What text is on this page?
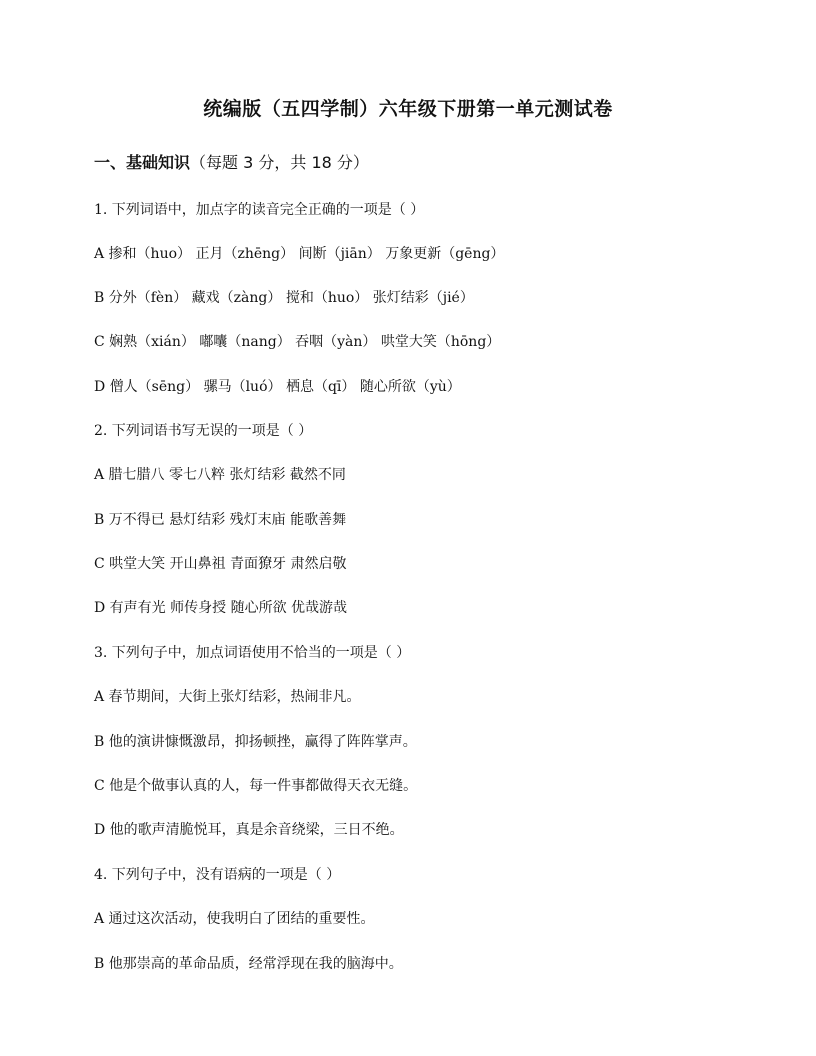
统编版（五四学制）六年级下册第一单元测试卷
一、基础知识（每题 3 分，共 18 分）
1. 下列词语中，加点字的读音完全正确的一项是（ ）
A 掺和（huo） 正月（zhēng） 间断（jiān） 万象更新（gēng）
B 分外（fèn） 藏戏（zàng） 搅和（huo） 张灯结彩（jié）
C 娴熟（xián） 嘟囔（nang） 吞咽（yàn） 哄堂大笑（hōng）
D 僧人（sēng） 骡马（luó） 栖息（qī） 随心所欲（yù）
2. 下列词语书写无误的一项是（ ）
A 腊七腊八 零七八粹 张灯结彩 截然不同
B 万不得已 悬灯结彩 残灯末庙 能歌善舞
C 哄堂大笑 开山鼻祖 青面獠牙 肃然启敬
D 有声有光 师传身授 随心所欲 优哉游哉
3. 下列句子中，加点词语使用不恰当的一项是（ ）
A 春节期间，大街上张灯结彩，热闹非凡。
B 他的演讲慷慨激昂，抑扬顿挫，赢得了阵阵掌声。
C 他是个做事认真的人，每一件事都做得天衣无缝。
D 他的歌声清脆悦耳，真是余音绕梁，三日不绝。
4. 下列句子中，没有语病的一项是（ ）
A 通过这次活动，使我明白了团结的重要性。
B 他那崇高的革命品质，经常浮现在我的脑海中。
